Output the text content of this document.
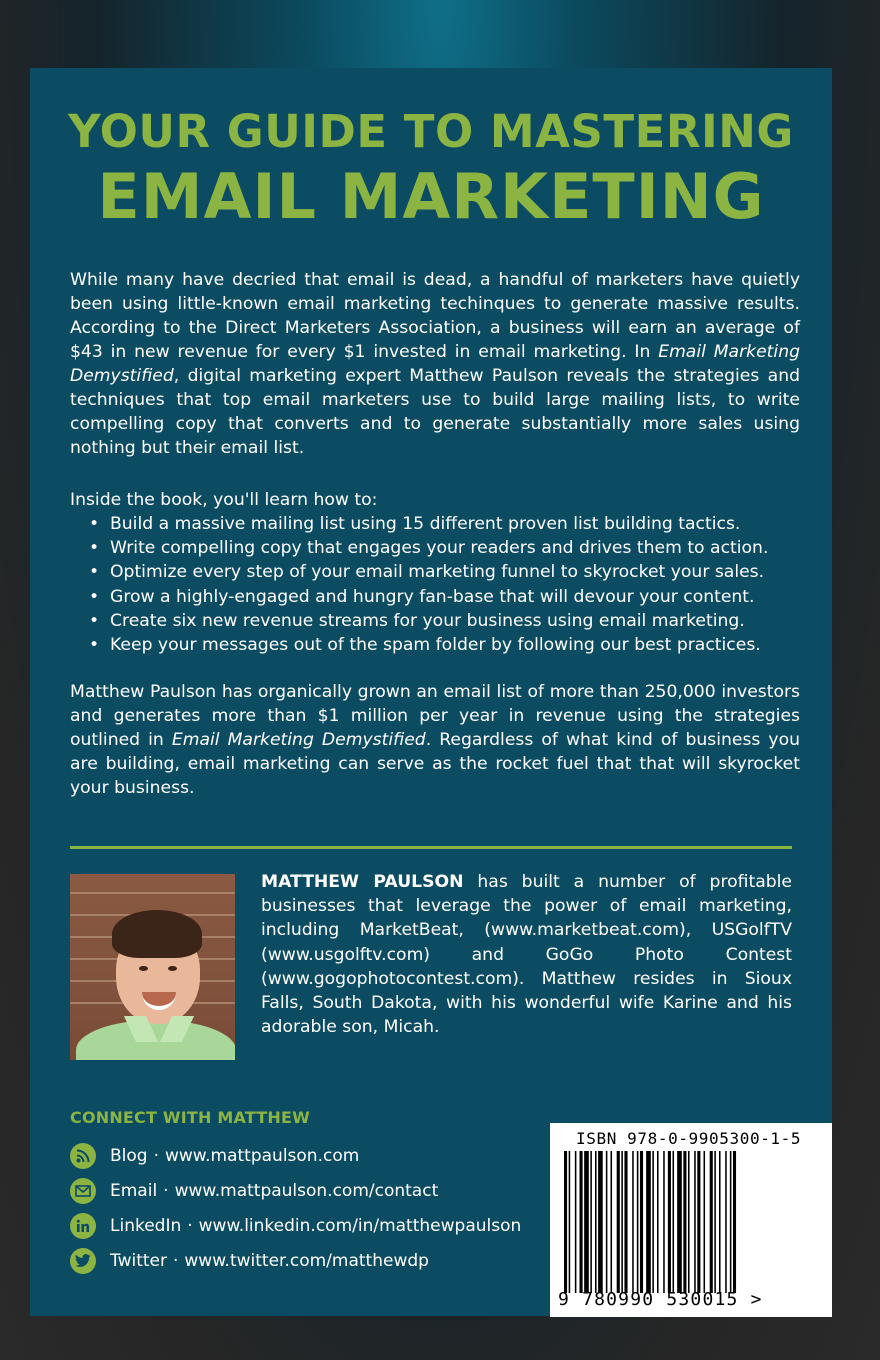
YOUR GUIDE TO MASTERING

EMAIL MARKETING

While many have decried that email is dead, a handful of marketers have quietly been using little-known email marketing techinques to generate massive results. According to the Direct Marketers Association, a business will earn an average of $43 in new revenue for every $1 invested in email marketing. In Email Marketing Demystified, digital marketing expert Matthew Paulson reveals the strategies and techniques that top email marketers use to build large mailing lists, to write compelling copy that converts and to generate substantially more sales using nothing but their email list.

Inside the book, you'll learn how to:

• Build a massive mailing list using 15 different proven list building tactics.
• Write compelling copy that engages your readers and drives them to action.
• Optimize every step of your email marketing funnel to skyrocket your sales.
• Grow a highly-engaged and hungry fan-base that will devour your content.
• Create six new revenue streams for your business using email marketing.
• Keep your messages out of the spam folder by following our best practices.

Matthew Paulson has organically grown an email list of more than 250,000 investors and generates more than $1 million per year in revenue using the strategies outlined in Email Marketing Demystified. Regardless of what kind of business you are building, email marketing can serve as the rocket fuel that that will skyrocket your business.

MATTHEW PAULSON has built a number of profitable businesses that leverage the power of email marketing, including MarketBeat, (www.marketbeat.com), USGolfTV (www.usgolftv.com) and GoGo Photo Contest (www.gogophotocontest.com). Matthew resides in Sioux Falls, South Dakota, with his wonderful wife Karine and his adorable son, Micah.

CONNECT WITH MATTHEW

Blog · www.mattpaulson.com
Email · www.mattpaulson.com/contact
LinkedIn · www.linkedin.com/in/matthewpaulson
Twitter · www.twitter.com/matthewdp

ISBN 978-0-9905300-1-5

9 780990 530015 >
